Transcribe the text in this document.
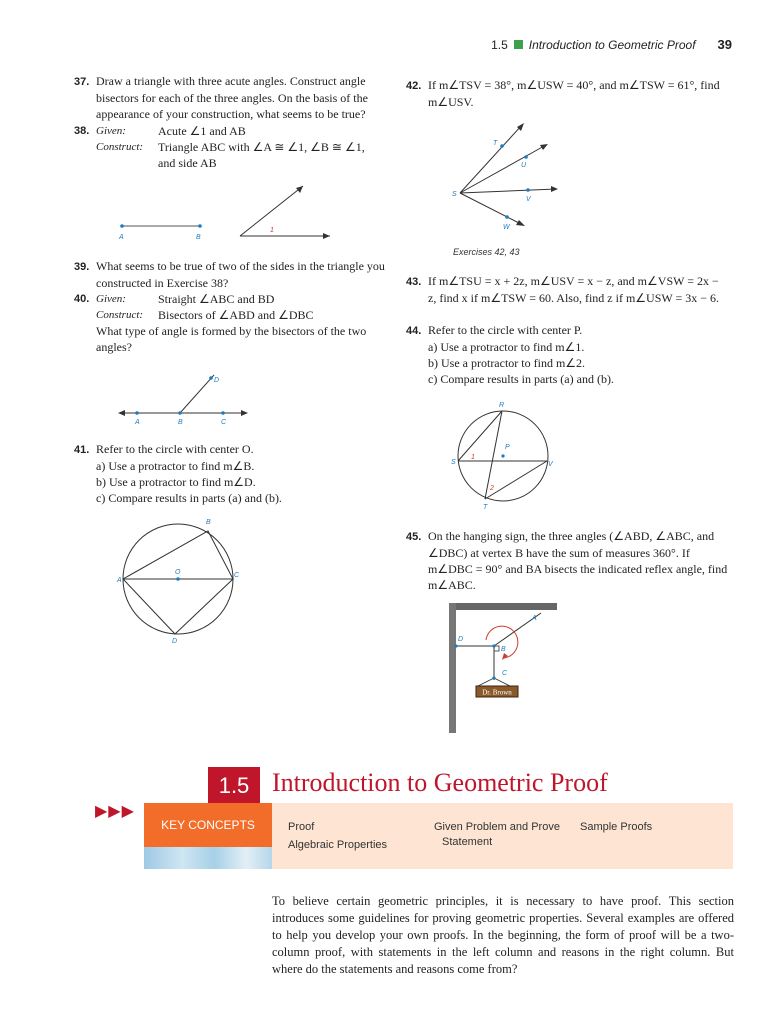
1.5 Introduction to Geometric Proof 39
37. Draw a triangle with three acute angles. Construct angle bisectors for each of the three angles. On the basis of the appearance of your construction, what seems to be true?
38. Given:	Acute ∠1 and AB
Construct:	Triangle ABC with ∠A ≅ ∠1, ∠B ≅ ∠1, and side AB
A	B
1
39. What seems to be true of two of the sides in the triangle you constructed in Exercise 38?
40. Given:	Straight ∠ABC and BD
Construct:	Bisectors of ∠ABD and ∠DBC
What type of angle is formed by the bisectors of the two angles?
A	B	C
D
41. Refer to the circle with center O.
a) Use a protractor to find m∠B.
b) Use a protractor to find m∠D.
c) Compare results in parts (a) and (b).
A
B
C
D
O
42. If m∠TSV = 38°, m∠USW = 40°, and m∠TSW = 61°, find m∠USV.
S
T
U
V
W
Exercises 42, 43
43. If m∠TSU = x + 2z, m∠USV = x − z, and m∠VSW = 2x − z, find x if m∠TSW = 60. Also, find z if m∠USW = 3x − 6.
44. Refer to the circle with center P.
a) Use a protractor to find m∠1.
b) Use a protractor to find m∠2.
c) Compare results in parts (a) and (b).
R
P
S	V
T
1
2
45. On the hanging sign, the three angles (∠ABD, ∠ABC, and ∠DBC) at vertex B have the sum of measures 360°. If m∠DBC = 90° and BA bisects the indicated reflex angle, find m∠ABC.
Dr. Brown
A
D
B
C
1.5 Introduction to Geometric Proof
▶▶▶
KEY CONCEPTS	Proof
Algebraic Properties
Given Problem and Prove
Statement
Sample Proofs
To believe certain geometric principles, it is necessary to have proof. This section introduces some guidelines for proving geometric properties. Several examples are offered to help you develop your own proofs. In the beginning, the form of proof will be a two-column proof, with statements in the left column and reasons in the right column. But where do the statements and reasons come from?
